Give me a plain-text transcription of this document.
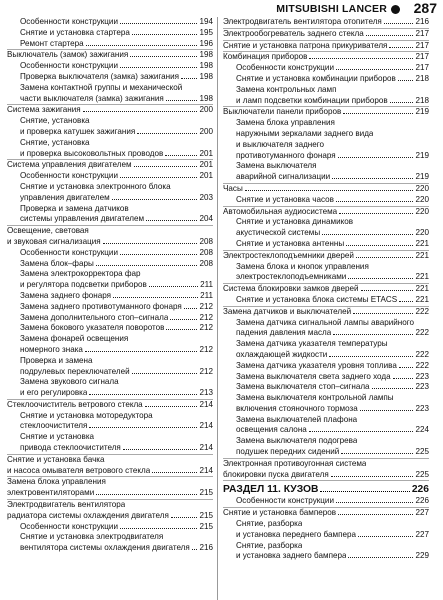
MITSUBISHI LANCER 287
Особенности конструкции	194
Снятие и установка стартера	195
Ремонт стартера	196
Выключатель (замок) зажигания	198
Особенности конструкции	198
Проверка выключателя (замка) зажигания	198
Замена контактной группы и механической
части выключателя (замка) зажигания	198
Система зажигания	200
Снятие, установка
и проверка катушек зажигания	200
Снятие, установка
и проверка высоковольтных проводов	201
Система управления двигателем	201
Особенности конструкции	201
Снятие и установка электронного блока
управления двигателем	203
Проверка и замена датчиков
системы управления двигателем	204
Освещение, световая
и звуковая сигнализация	208
Особенности конструкции	208
Замена блок–фары	208
Замена электрокорректора фар
и регулятора подсветки приборов	211
Замена заднего фонаря	211
Замена заднего противотуманного фонаря 212
Замена дополнительного стоп–сигнала	212
Замена бокового указателя поворотов	212
Замена фонарей освещения
номерного знака	212
Проверка и замена
подрулевых переключателей	212
Замена звукового сигнала
и его регулировка	213
Стеклоочиститель ветрового стекла	214
Снятие и установка моторедуктора
стеклоочистителя	214
Снятие и установка
привода стеклоочистителя	214
Снятие и установка бачка
и насоса омывателя ветрового стекла	214
Замена блока управления
электровентиляторами	215
Электродвигатель вентилятора
радиатора системы охлаждения двигателя	215
Особенности конструкции	215
Снятие и установка электродвигателя
вентилятора системы охлаждения двигателя 216
Электродвигатель вентилятора отопителя	216
Электрообогреватель заднего стекла	217
Снятие и установка патрона прикуривателя	217
Комбинация приборов	217
Особенности конструкции	217
Снятие и установка комбинации приборов 218
Замена контрольных ламп
и ламп подсветки комбинации приборов	218
Выключатели панели приборов	219
Замена блока управления
наружными зеркалами заднего вида
и выключателя заднего
противотуманного фонаря	219
Замена выключателя
аварийной сигнализации	219
Часы	220
Снятие и установка часов	220
Автомобильная аудиосистема	220
Снятие и установка динамиков
акустической системы	220
Снятие и установка антенны	221
Электростеклоподъемники дверей	221
Замена блока и кнопок управления
электростеклоподъемниками	221
Система блокировки замков дверей	221
Снятие и установка блока системы ETACS 221
Замена датчиков и выключателей	222
Замена датчика сигнальной лампы аварийного
падения давления масла	222
Замена датчика указателя температуры
охлаждающей жидкости	222
Замена датчика указателя уровня топлива 222
Замена выключателя света заднего хода	223
Замена выключателя стоп–сигнала	223
Замена выключателя контрольной лампы
включения стояночного тормоза	223
Замена выключателей плафона
освещения салона	224
Замена выключателя подогрева
подушек передних сидений	225
Электронная противоугонная система
блокировки пуска двигателя	225
РАЗДЕЛ 11. КУЗОВ	226
Особенности конструкции	226
Снятие и установка бамперов	227
Снятие, разборка
и установка переднего бампера	227
Снятие, разборка
и установка заднего бампера	229
